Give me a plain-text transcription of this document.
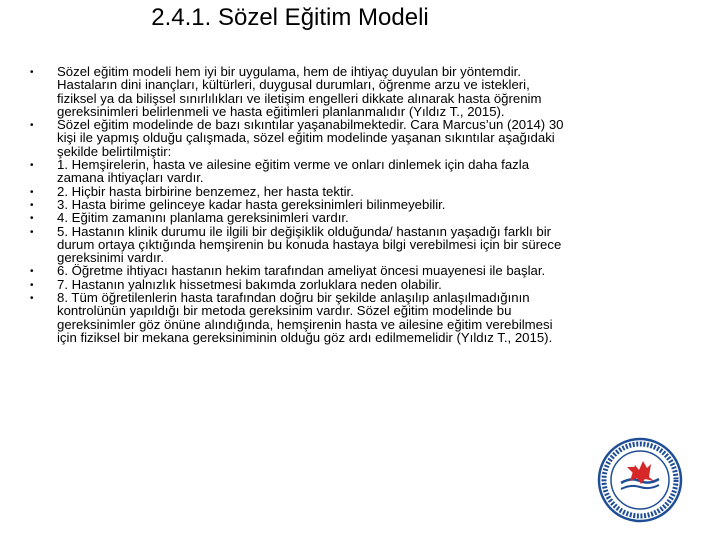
2.4.1. Sözel Eğitim Modeli
• Sözel eğitim modeli hem iyi bir uygulama, hem de ihtiyaç duyulan bir yöntemdir. Hastaların dini inançları, kültürleri, duygusal durumları, öğrenme arzu ve istekleri, fiziksel ya da bilişsel sınırlılıkları ve iletişim engelleri dikkate alınarak hasta öğrenim gereksinimleri belirlenmeli ve hasta eğitimleri planlanmalıdır (Yıldız T., 2015).
• Sözel eğitim modelinde de bazı sıkıntılar yaşanabilmektedir. Cara Marcus’un (2014) 30 kişi ile yapmış olduğu çalışmada, sözel eğitim modelinde yaşanan sıkıntılar aşağıdaki şekilde belirtilmiştir:
• 1. Hemşirelerin, hasta ve ailesine eğitim verme ve onları dinlemek için daha fazla zamana ihtiyaçları vardır.
• 2. Hiçbir hasta birbirine benzemez, her hasta tektir.
• 3. Hasta birime gelinceye kadar hasta gereksinimleri bilinmeyebilir.
• 4. Eğitim zamanını planlama gereksinimleri vardır.
• 5. Hastanın klinik durumu ile ilgili bir değişiklik olduğunda/ hastanın yaşadığı farklı bir durum ortaya çıktığında hemşirenin bu konuda hastaya bilgi verebilmesi için bir sürece gereksinimi vardır.
• 6. Öğretme ihtiyacı hastanın hekim tarafından ameliyat öncesi muayenesi ile başlar.
• 7. Hastanın yalnızlık hissetmesi bakımda zorluklara neden olabilir.
• 8. Tüm öğretilenlerin hasta tarafından doğru bir şekilde anlaşılıp anlaşılmadığının kontrolünün yapıldığı bir metoda gereksinim vardır. Sözel eğitim modelinde bu gereksinimler göz önüne alındığında, hemşirenin hasta ve ailesine eğitim verebilmesi için fiziksel bir mekana gereksiniminin olduğu göz ardı edilmemelidir (Yıldız T., 2015).
